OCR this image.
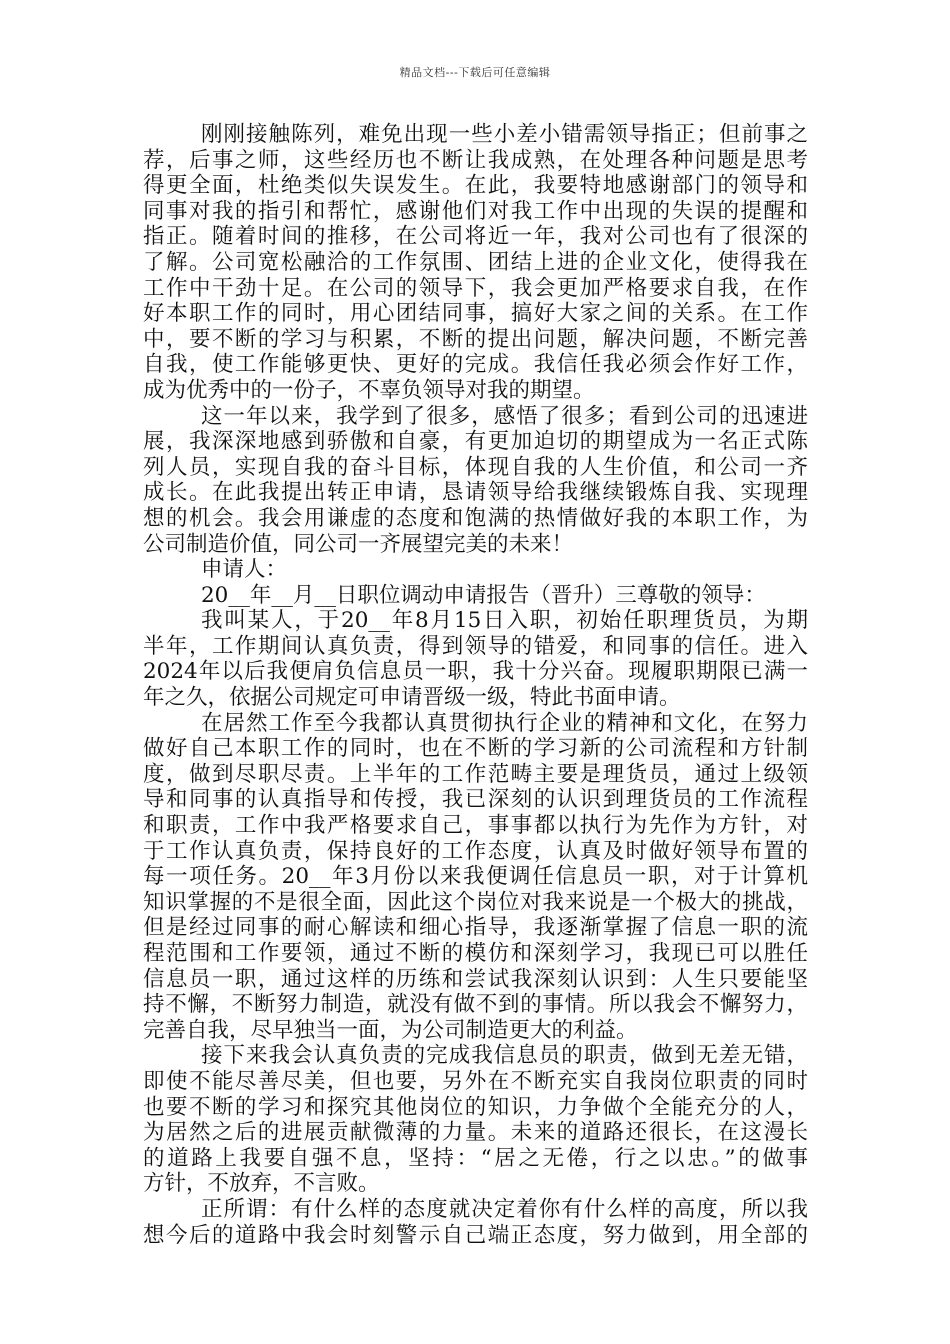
精品文档---下载后可任意编辑
刚刚接触陈列，难免出现一些小差小错需领导指正；但前事之
荐，后事之师，这些经历也不断让我成熟，在处理各种问题是思考
得更全面，杜绝类似失误发生。在此，我要特地感谢部门的领导和
同事对我的指引和帮忙，感谢他们对我工作中出现的失误的提醒和
指正。随着时间的推移，在公司将近一年，我对公司也有了很深的
了解。公司宽松融洽的工作氛围、团结上进的企业文化，使得我在
工作中干劲十足。在公司的领导下，我会更加严格要求自我，在作
好本职工作的同时，用心团结同事，搞好大家之间的关系。在工作
中，要不断的学习与积累，不断的提出问题，解决问题，不断完善
自我，使工作能够更快、更好的完成。我信任我必须会作好工作，
成为优秀中的一份子，不辜负领导对我的期望。
这一年以来，我学到了很多，感悟了很多；看到公司的迅速进
展，我深深地感到骄傲和自豪，有更加迫切的期望成为一名正式陈
列人员，实现自我的奋斗目标，体现自我的人生价值，和公司一齐
成长。在此我提出转正申请，恳请领导给我继续锻炼自我、实现理
想的机会。我会用谦虚的态度和饱满的热情做好我的本职工作，为
公司制造价值，同公司一齐展望完美的未来！
申请人：
20__年__月__日职位调动申请报告（晋升）三尊敬的领导：
我叫某人，于20__年8月15日入职，初始任职理货员，为期
半年，工作期间认真负责，得到领导的错爱，和同事的信任。进入
2024年以后我便肩负信息员一职，我十分兴奋。现履职期限已满一
年之久，依据公司规定可申请晋级一级，特此书面申请。
在居然工作至今我都认真贯彻执行企业的精神和文化，在努力
做好自己本职工作的同时，也在不断的学习新的公司流程和方针制
度，做到尽职尽责。上半年的工作范畴主要是理货员，通过上级领
导和同事的认真指导和传授，我已深刻的认识到理货员的工作流程
和职责，工作中我严格要求自己，事事都以执行为先作为方针，对
于工作认真负责，保持良好的工作态度，认真及时做好领导布置的
每一项任务。20__年3月份以来我便调任信息员一职，对于计算机
知识掌握的不是很全面，因此这个岗位对我来说是一个极大的挑战，
但是经过同事的耐心解读和细心指导，我逐渐掌握了信息一职的流
程范围和工作要领，通过不断的模仿和深刻学习，我现已可以胜任
信息员一职，通过这样的历练和尝试我深刻认识到：人生只要能坚
持不懈，不断努力制造，就没有做不到的事情。所以我会不懈努力，
完善自我，尽早独当一面，为公司制造更大的利益。
接下来我会认真负责的完成我信息员的职责，做到无差无错，
即使不能尽善尽美，但也要，另外在不断充实自我岗位职责的同时
也要不断的学习和探究其他岗位的知识，力争做个全能充分的人，
为居然之后的进展贡献微薄的力量。未来的道路还很长，在这漫长
的道路上我要自强不息，坚持：“居之无倦，行之以忠。”的做事
方针，不放弃，不言败。
正所谓：有什么样的态度就决定着你有什么样的高度，所以我
想今后的道路中我会时刻警示自己端正态度，努力做到，用全部的
